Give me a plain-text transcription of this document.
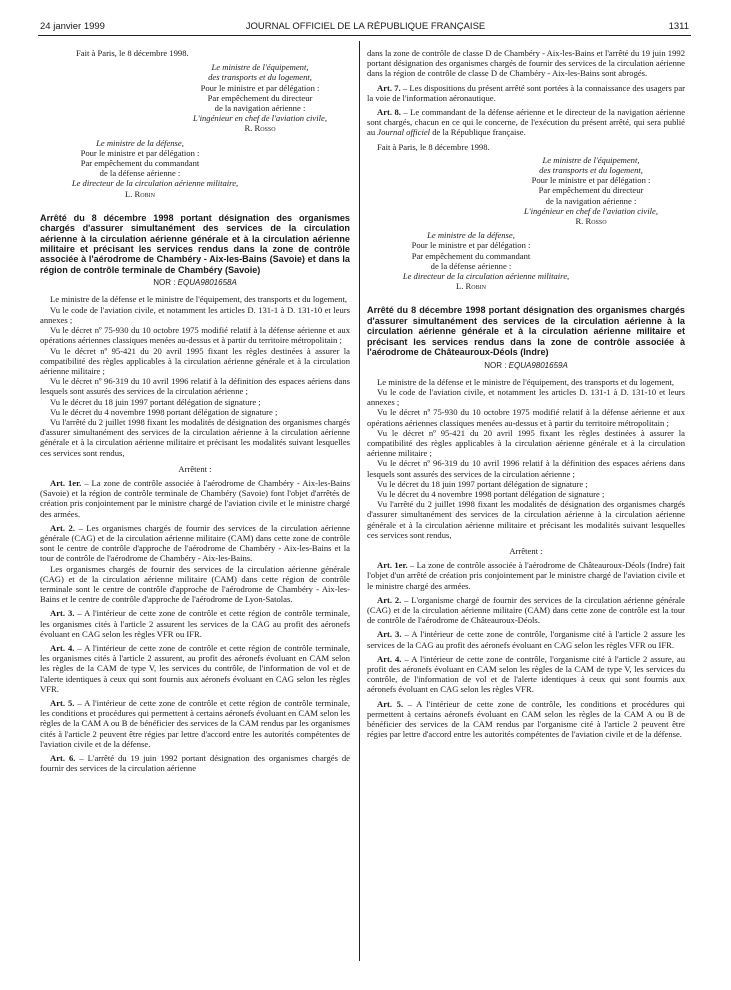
24 janvier 1999	JOURNAL OFFICIEL DE LA RÉPUBLIQUE FRANÇAISE	1311

Fait à Paris, le 8 décembre 1998.

Le ministre de l'équipement,

des transports et du logement,

Pour le ministre et par délégation :

Par empêchement du directeur

de la navigation aérienne :

L'ingénieur en chef de l'aviation civile,

R. Rosso

Le ministre de la défense,

Pour le ministre et par délégation :

Par empêchement du commandant

de la défense aérienne :

Le directeur de la circulation aérienne militaire,

L. Robin

Arrêté du 8 décembre 1998 portant désignation des organismes chargés d'assurer simultanément des services de la circulation aérienne à la circulation aérienne générale et à la circulation aérienne militaire et précisant les services rendus dans la zone de contrôle associée à l'aérodrome de Chambéry - Aix-les-Bains (Savoie) et dans la région de contrôle terminale de Chambéry (Savoie)

NOR : EQUA9801658A

Le ministre de la défense et le ministre de l'équipement, des transports et du logement,

Vu le code de l'aviation civile, et notamment les articles D. 131-1 à D. 131-10 et leurs annexes ;

Vu le décret nº 75-930 du 10 octobre 1975 modifié relatif à la défense aérienne et aux opérations aériennes classiques menées au-dessus et à partir du territoire métropolitain ;

Vu le décret nº 95-421 du 20 avril 1995 fixant les règles destinées à assurer la compatibilité des règles applicables à la circulation aérienne générale et à la circulation aérienne militaire ;

Vu le décret nº 96-319 du 10 avril 1996 relatif à la définition des espaces aériens dans lesquels sont assurés des services de la circulation aérienne ;

Vu le décret du 18 juin 1997 portant délégation de signature ;

Vu le décret du 4 novembre 1998 portant délégation de signature ;

Vu l'arrêté du 2 juillet 1998 fixant les modalités de désignation des organismes chargés d'assurer simultanément des services de la circulation aérienne à la circulation aérienne générale et à la circulation aérienne militaire et précisant les modalités suivant lesquelles ces services sont rendus,

Arrêtent :

Art. 1er. – La zone de contrôle associée à l'aérodrome de Chambéry - Aix-les-Bains (Savoie) et la région de contrôle terminale de Chambéry (Savoie) font l'objet d'arrêtés de création pris conjointement par le ministre chargé de l'aviation civile et le ministre chargé des armées.

Art. 2. – Les organismes chargés de fournir des services de la circulation aérienne générale (CAG) et de la circulation aérienne militaire (CAM) dans cette zone de contrôle sont le centre de contrôle d'approche de l'aérodrome de Chambéry - Aix-les-Bains et la tour de contrôle de l'aérodrome de Chambéry - Aix-les-Bains.

Les organismes chargés de fournir des services de la circulation aérienne générale (CAG) et de la circulation aérienne militaire (CAM) dans cette région de contrôle terminale sont le centre de contrôle d'approche de l'aérodrome de Chambéry - Aix-les-Bains et le centre de contrôle d'approche de l'aérodrome de Lyon-Satolas.

Art. 3. – A l'intérieur de cette zone de contrôle et cette région de contrôle terminale, les organismes cités à l'article 2 assurent les services de la CAG au profit des aéronefs évoluant en CAG selon les règles VFR ou IFR.

Art. 4. – A l'intérieur de cette zone de contrôle et cette région de contrôle terminale, les organismes cités à l'article 2 assurent, au profit des aéronefs évoluant en CAM selon les règles de la CAM de type V, les services du contrôle, de l'information de vol et de l'alerte identiques à ceux qui sont fournis aux aéronefs évoluant en CAG selon les règles VFR.

Art. 5. – A l'intérieur de cette zone de contrôle et cette région de contrôle terminale, les conditions et procédures qui permettent à certains aéronefs évoluant en CAM selon les règles de la CAM A ou B de bénéficier des services de la CAM rendus par les organismes cités à l'article 2 peuvent être régies par lettre d'accord entre les autorités compétentes de l'aviation civile et de la défense.

Art. 6. – L'arrêté du 19 juin 1992 portant désignation des organismes chargés de fournir des services de la circulation aérienne

dans la zone de contrôle de classe D de Chambéry - Aix-les-Bains et l'arrêté du 19 juin 1992 portant désignation des organismes chargés de fournir des services de la circulation aérienne dans la région de contrôle de classe D de Chambéry - Aix-les-Bains sont abrogés.

Art. 7. – Les dispositions du présent arrêté sont portées à la connaissance des usagers par la voie de l'information aéronautique.

Art. 8. – Le commandant de la défense aérienne et le directeur de la navigation aérienne sont chargés, chacun en ce qui le concerne, de l'exécution du présent arrêté, qui sera publié au Journal officiel de la République française.

Fait à Paris, le 8 décembre 1998.

Le ministre de l'équipement,

des transports et du logement,

Pour le ministre et par délégation :

Par empêchement du directeur

de la navigation aérienne :

L'ingénieur en chef de l'aviation civile,

R. Rosso

Le ministre de la défense,

Pour le ministre et par délégation :

Par empêchement du commandant

de la défense aérienne :

Le directeur de la circulation aérienne militaire,

L. Robin

Arrêté du 8 décembre 1998 portant désignation des organismes chargés d'assurer simultanément des services de la circulation aérienne à la circulation aérienne générale et à la circulation aérienne militaire et précisant les services rendus dans la zone de contrôle associée à l'aérodrome de Châteauroux-Déols (Indre)

NOR : EQUA9801659A

Le ministre de la défense et le ministre de l'équipement, des transports et du logement,

Vu le code de l'aviation civile, et notamment les articles D. 131-1 à D. 131-10 et leurs annexes ;

Vu le décret nº 75-930 du 10 octobre 1975 modifié relatif à la défense aérienne et aux opérations aériennes classiques menées au-dessus et à partir du territoire métropolitain ;

Vu le décret nº 95-421 du 20 avril 1995 fixant les règles destinées à assurer la compatibilité des règles applicables à la circulation aérienne générale et à la circulation aérienne militaire ;

Vu le décret nº 96-319 du 10 avril 1996 relatif à la définition des espaces aériens dans lesquels sont assurés des services de la circulation aérienne ;

Vu le décret du 18 juin 1997 portant délégation de signature ;

Vu le décret du 4 novembre 1998 portant délégation de signature ;

Vu l'arrêté du 2 juillet 1998 fixant les modalités de désignation des organismes chargés d'assurer simultanément des services de la circulation aérienne à la circulation aérienne générale et à la circulation aérienne militaire et précisant les modalités suivant lesquelles ces services sont rendus,

Arrêtent :

Art. 1er. – La zone de contrôle associée à l'aérodrome de Châteauroux-Déols (Indre) fait l'objet d'un arrêté de création pris conjointement par le ministre chargé de l'aviation civile et le ministre chargé des armées.

Art. 2. – L'organisme chargé de fournir des services de la circulation aérienne générale (CAG) et de la circulation aérienne militaire (CAM) dans cette zone de contrôle est la tour de contrôle de l'aérodrome de Châteauroux-Déols.

Art. 3. – A l'intérieur de cette zone de contrôle, l'organisme cité à l'article 2 assure les services de la CAG au profit des aéronefs évoluant en CAG selon les règles VFR ou IFR.

Art. 4. – A l'intérieur de cette zone de contrôle, l'organisme cité à l'article 2 assure, au profit des aéronefs évoluant en CAM selon les règles de la CAM de type V, les services du contrôle, de l'information de vol et de l'alerte identiques à ceux qui sont fournis aux aéronefs évoluant en CAG selon les règles VFR.

Art. 5. – A l'intérieur de cette zone de contrôle, les conditions et procédures qui permettent à certains aéronefs évoluant en CAM selon les règles de la CAM A ou B de bénéficier des services de la CAM rendus par l'organisme cité à l'article 2 peuvent être régies par lettre d'accord entre les autorités compétentes de l'aviation civile et de la défense.
